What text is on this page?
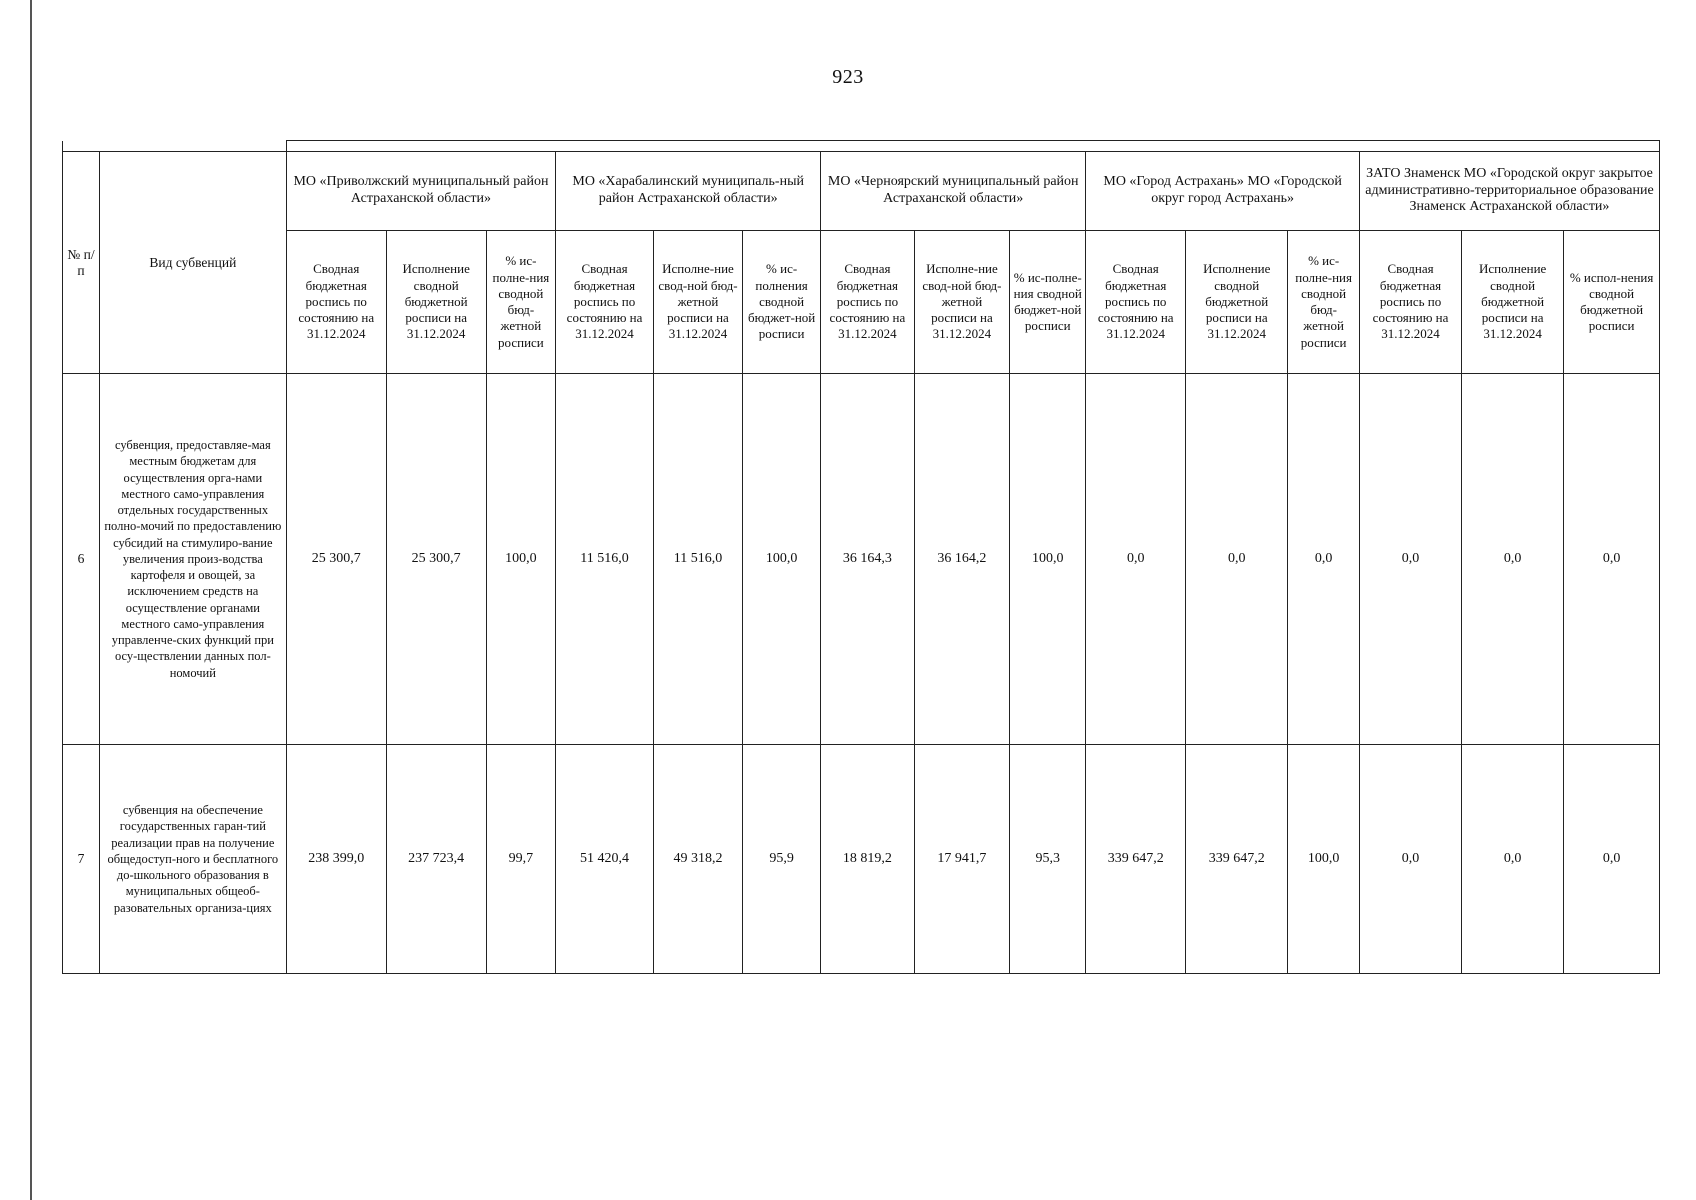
923

№ п/п	Вид субвенций	МО «Приволжский муниципальный район Астраханской области»			МО «Харабалинский муниципаль-ный район Астраханской области»			МО «Черноярский муниципальный район Астраханской области»			МО «Город Астрахань» МО «Городской округ город Астрахань»			ЗАТО Знаменск МО «Городской округ закрытое административно-территориальное образование Знаменск Астраханской области»		
		Сводная бюджетная роспись по состоянию на 31.12.2024	Исполнение сводной бюджетной росписи на 31.12.2024	% ис-полне-ния сводной бюд-жетной росписи	Сводная бюджетная роспись по состоянию на 31.12.2024	Исполне-ние свод-ной бюд-жетной росписи на 31.12.2024	% ис-полнения сводной бюджет-ной росписи	Сводная бюджетная роспись по состоянию на 31.12.2024	Исполне-ние свод-ной бюд-жетной росписи на 31.12.2024	% ис-полне-ния сводной бюджет-ной росписи	Сводная бюджетная роспись по состоянию на 31.12.2024	Исполнение сводной бюджетной росписи на 31.12.2024	% ис-полне-ния сводной бюд-жетной росписи	Сводная бюджетная роспись по состоянию на 31.12.2024	Исполнение сводной бюджетной росписи на 31.12.2024	% испол-нения сводной бюджетной росписи
6	субвенция, предоставляе-мая местным бюджетам для осуществления орга-нами местного само-управления отдельных государственных полно-мочий по предоставлению субсидий на стимулиро-вание увеличения произ-водства картофеля и овощей, за исключением средств на осуществление органами местного само-управления управленче-ских функций при осу-ществлении данных пол-номочий	25 300,7	25 300,7	100,0	11 516,0	11 516,0	100,0	36 164,3	36 164,2	100,0	0,0	0,0	0,0	0,0	0,0	0,0
7	субвенция на обеспечение государственных гаран-тий реализации прав на получение общедоступ-ного и бесплатного до-школьного образования в муниципальных общеоб-разовательных организа-циях	238 399,0	237 723,4	99,7	51 420,4	49 318,2	95,9	18 819,2	17 941,7	95,3	339 647,2	339 647,2	100,0	0,0	0,0	0,0
